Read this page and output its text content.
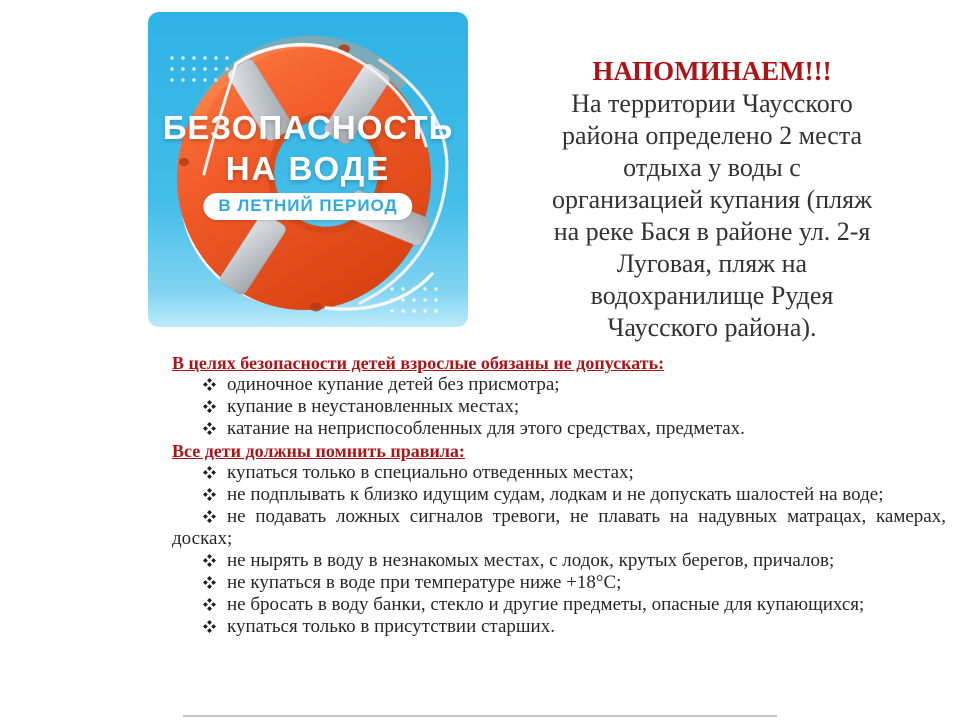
БЕЗОПАСНОСТЬ
НА ВОДЕ
В ЛЕТНИЙ ПЕРИОД
НАПОМИНАЕМ!!!
На территории Чаусского
района определено 2 места
отдыха у воды с
организацией купания (пляж
на реке Бася в районе ул. 2-я
Луговая, пляж на
водохранилище Рудея
Чаусского района).
В целях безопасности детей взрослые обязаны не допускать:
одиночное купание детей без присмотра;
купание в неустановленных местах;
катание на неприспособленных для этого средствах, предметах.
Все дети должны помнить правила:
купаться только в специально отведенных местах;
не подплывать к близко идущим судам, лодкам и не допускать шалостей на воде;
не подавать ложных сигналов тревоги, не плавать на надувных матрацах, камерах, досках;
не нырять в воду в незнакомых местах, с лодок, крутых берегов, причалов;
не купаться в воде при температуре ниже +18°С;
не бросать в воду банки, стекло и другие предметы, опасные для купающихся;
купаться только в присутствии старших.
